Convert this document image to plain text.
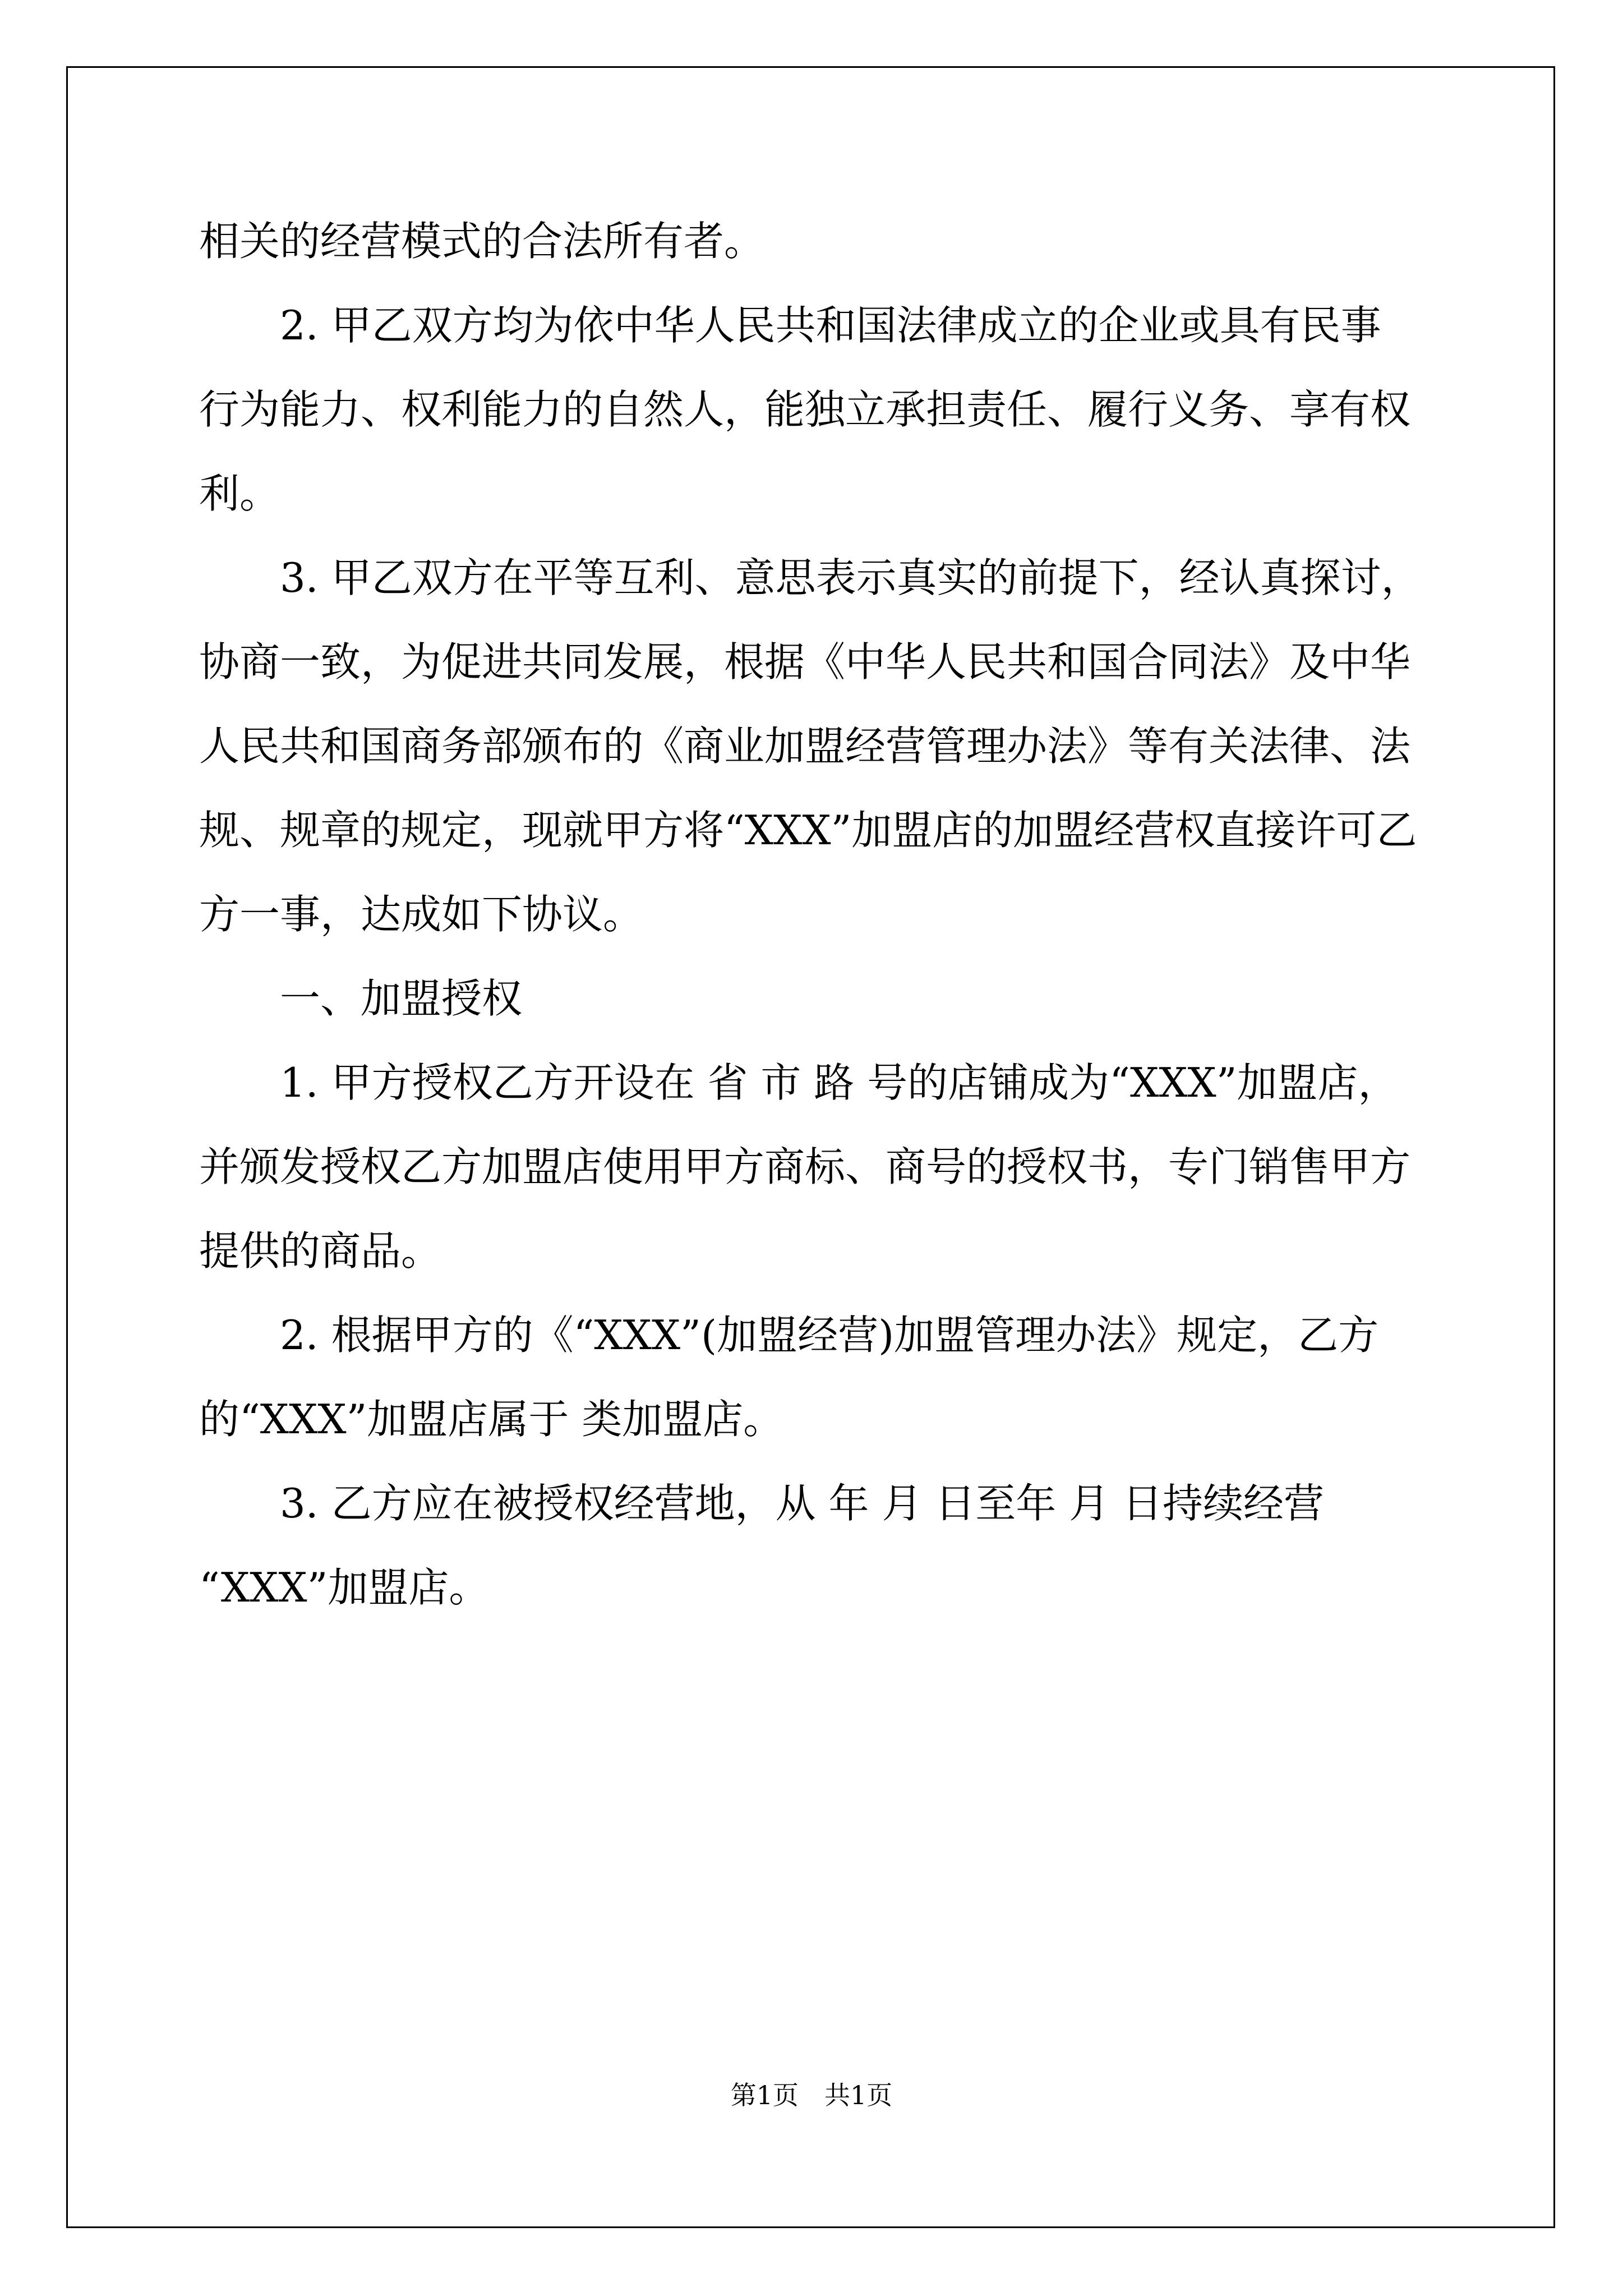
相关的经营模式的合法所有者。

2. 甲乙双方均为依中华人民共和国法律成立的企业或具有民事

行为能力、权利能力的自然人，能独立承担责任、履行义务、享有权

利。

3. 甲乙双方在平等互利、意思表示真实的前提下，经认真探讨，

协商一致，为促进共同发展，根据《中华人民共和国合同法》及中华

人民共和国商务部颁布的《商业加盟经营管理办法》等有关法律、法

规、规章的规定，现就甲方将“XXX”加盟店的加盟经营权直接许可乙

方一事，达成如下协议。

一、加盟授权

1. 甲方授权乙方开设在 省 市 路 号的店铺成为“XXX”加盟店，

并颁发授权乙方加盟店使用甲方商标、商号的授权书，专门销售甲方

提供的商品。

2. 根据甲方的《“XXX”(加盟经营)加盟管理办法》规定，乙方

的“XXX”加盟店属于 类加盟店。

3. 乙方应在被授权经营地，从 年 月 日至年 月 日持续经营

“XXX”加盟店。

第1页　共1页
